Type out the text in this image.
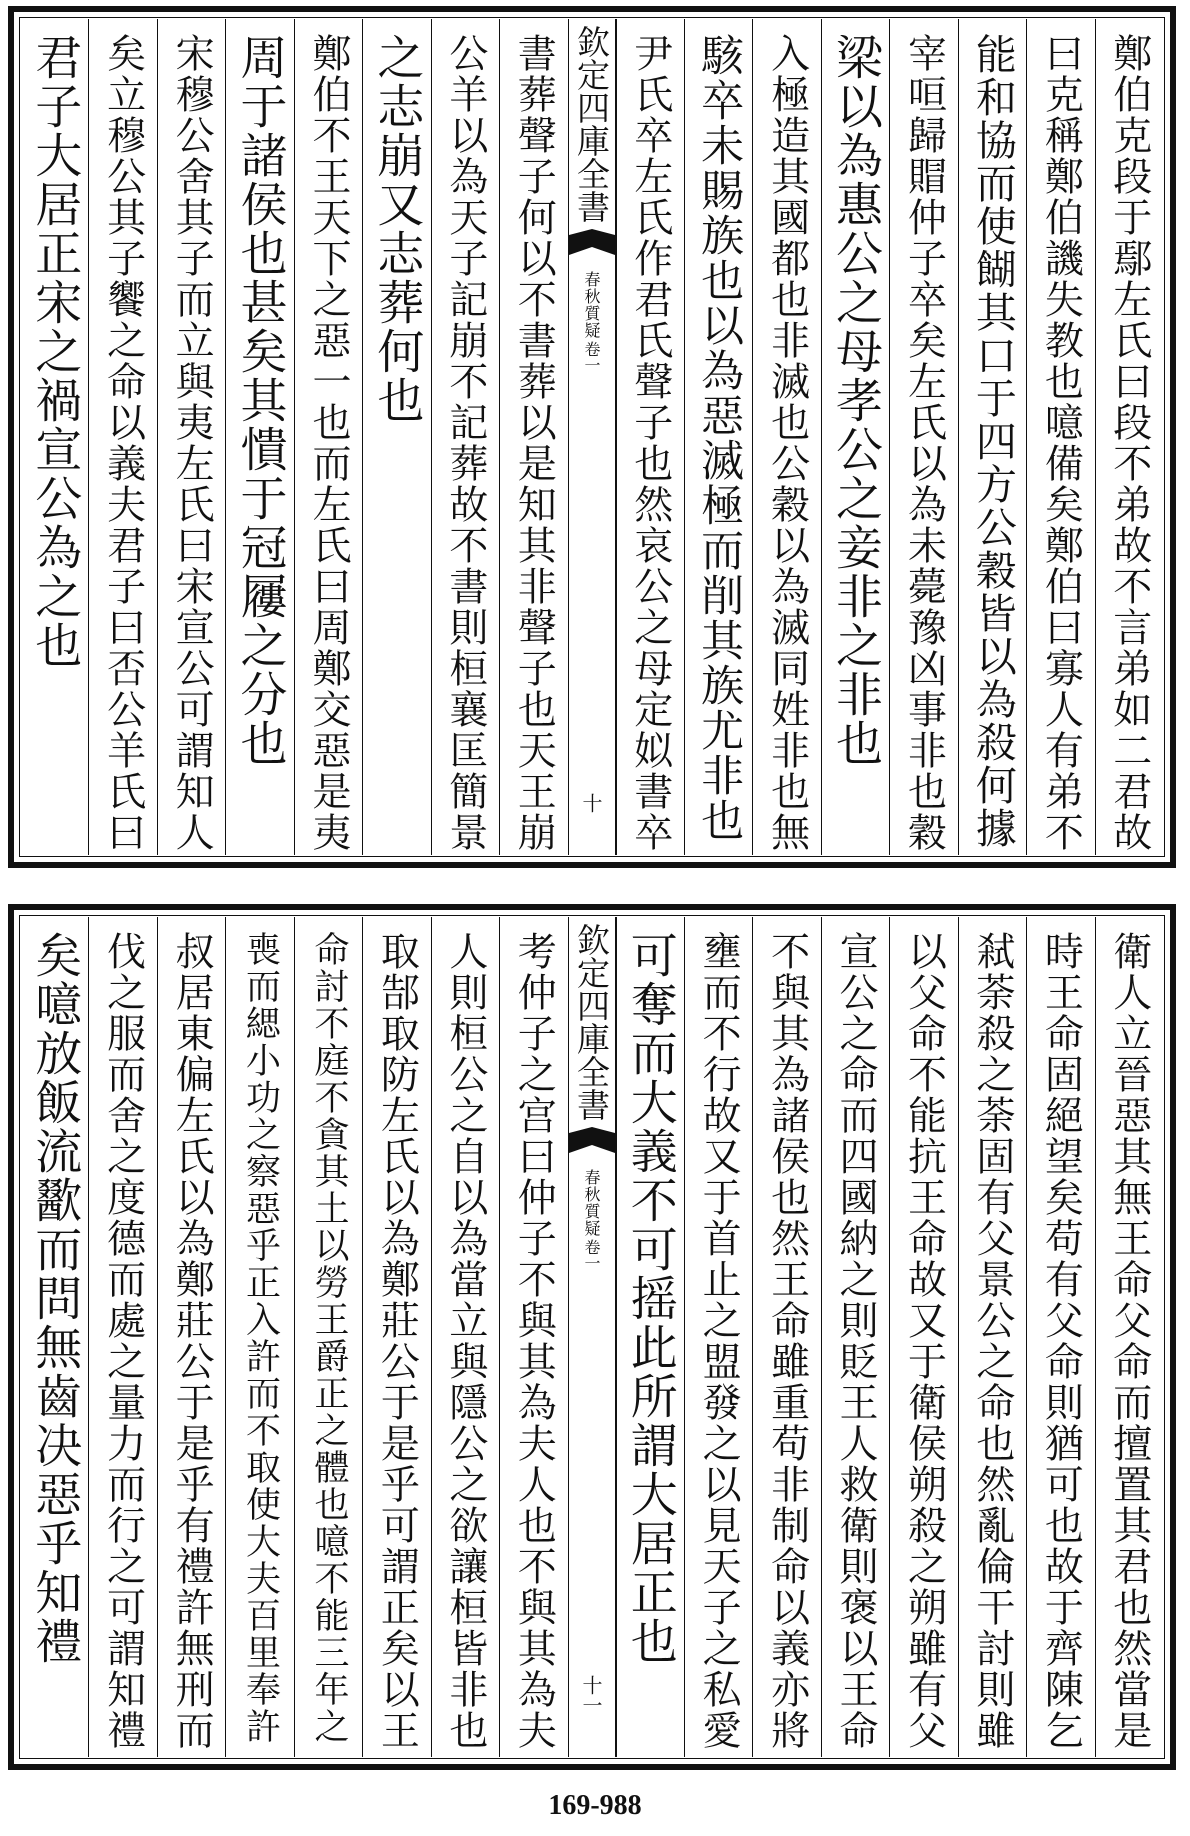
鄭伯克段于鄢左氏曰段不弟故不言弟如二君故
曰克稱鄭伯譏失教也噫備矣鄭伯曰寡人有弟不
能和協而使餬其口于四方公穀皆以為殺何據
宰咺歸賵仲子卒矣左氏以為未薨豫凶事非也穀
梁以為惠公之母孝公之妾非之非也
入極造其國都也非滅也公穀以為滅同姓非也無
駭卒未賜族也以為惡滅極而削其族尤非也
尹氏卒左氏作君氏聲子也然哀公之母定姒書卒
欽定四庫全書
春秋質疑
卷一
十
書葬聲子何以不書葬以是知其非聲子也天王崩
公羊以為天子記崩不記葬故不書則桓襄匡簡景
之志崩又志葬何也
鄭伯不王天下之惡一也而左氏曰周鄭交惡是夷
周于諸侯也甚矣其憒于冠屨之分也
宋穆公舍其子而立與夷左氏曰宋宣公可謂知人
矣立穆公其子饗之命以義夫君子曰否公羊氏曰
君子大居正宋之禍宣公為之也
衛人立晉惡其無王命父命而擅置其君也然當是
時王命固絕望矣苟有父命則猶可也故于齊陳乞
弒荼殺之荼固有父景公之命也然亂倫干討則雖
以父命不能抗王命故又于衛侯朔殺之朔雖有父
宣公之命而四國納之則貶王人救衛則褒以王命
不與其為諸侯也然王命雖重苟非制命以義亦將
壅而不行故又于首止之盟發之以見天子之私愛
可奪而大義不可摇此所謂大居正也
欽定四庫全書
春秋質疑
卷一
十一
考仲子之宫曰仲子不與其為夫人也不與其為夫
人則桓公之自以為當立與隱公之欲讓桓皆非也
取郜取防左氏以為鄭莊公于是乎可謂正矣以王
命討不庭不貪其土以勞王爵正之體也噫不能三年之
喪而緦小功之察惡乎正入許而不取使大夫百里奉許
叔居東偏左氏以為鄭莊公于是乎有禮許無刑而
伐之服而舍之度德而處之量力而行之可謂知禮
矣噫放飯流歠而問無齒决惡乎知禮
169-988
